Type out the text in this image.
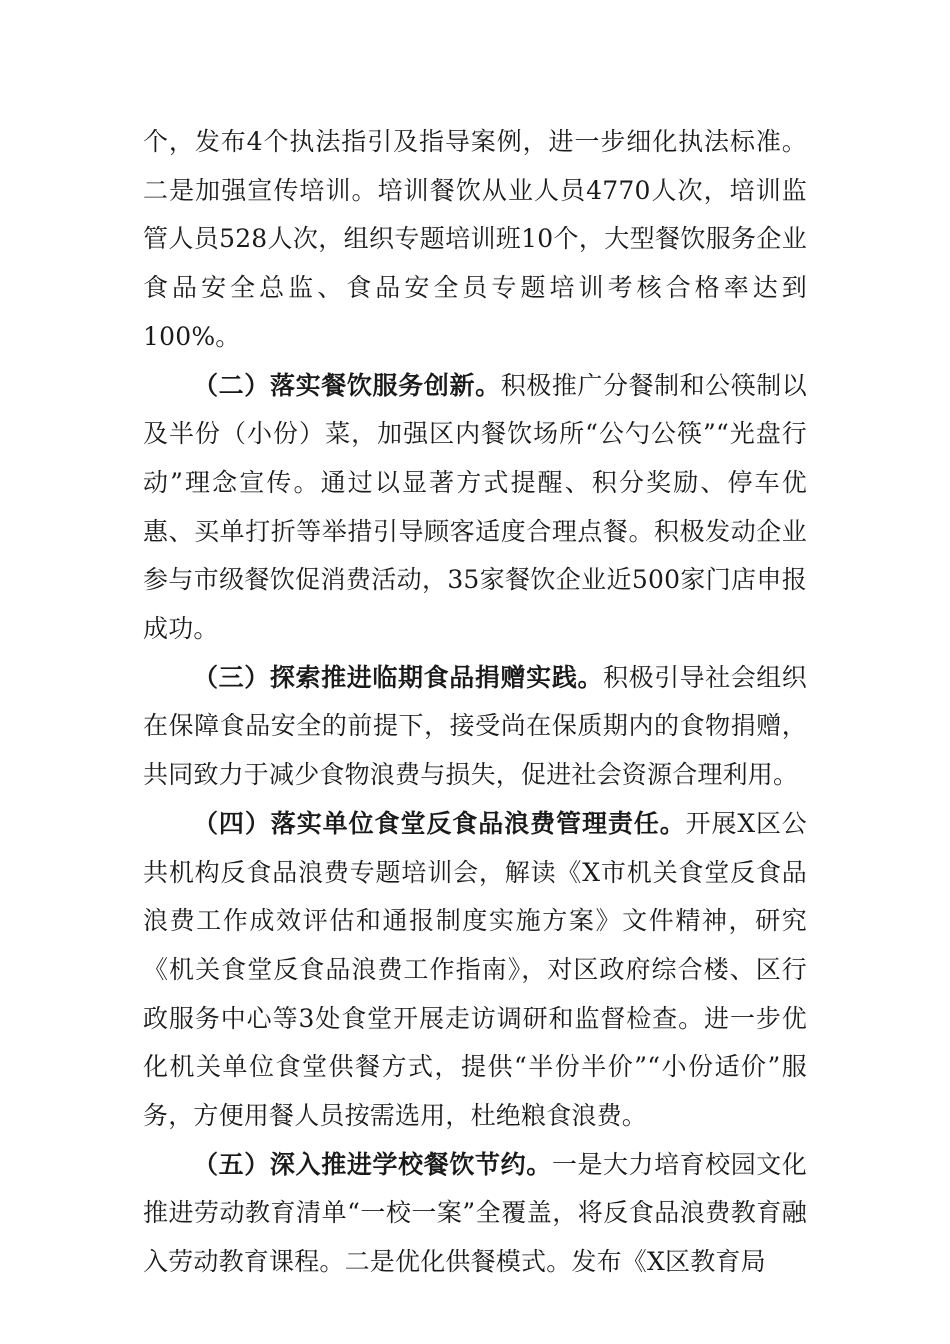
个，发布4个执法指引及指导案例，进一步细化执法标准。二是加强宣传培训。培训餐饮从业人员4770人次，培训监管人员528人次，组织专题培训班10个，大型餐饮服务企业食品安全总监、食品安全员专题培训考核合格率达到100%。

（二）落实餐饮服务创新。积极推广分餐制和公筷制以及半份（小份）菜，加强区内餐饮场所“公勺公筷”“光盘行动”理念宣传。通过以显著方式提醒、积分奖励、停车优惠、买单打折等举措引导顾客适度合理点餐。积极发动企业参与市级餐饮促消费活动，35家餐饮企业近500家门店申报成功。

（三）探索推进临期食品捐赠实践。积极引导社会组织在保障食品安全的前提下，接受尚在保质期内的食物捐赠，共同致力于减少食物浪费与损失，促进社会资源合理利用。

（四）落实单位食堂反食品浪费管理责任。开展X区公共机构反食品浪费专题培训会，解读《X市机关食堂反食品浪费工作成效评估和通报制度实施方案》文件精神，研究《机关食堂反食品浪费工作指南》，对区政府综合楼、区行政服务中心等3处食堂开展走访调研和监督检查。进一步优化机关单位食堂供餐方式，提供“半份半价”“小份适价”服务，方便用餐人员按需选用，杜绝粮食浪费。

（五）深入推进学校餐饮节约。一是大力培育校园文化推进劳动教育清单“一校一案”全覆盖，将反食品浪费教育融入劳动教育课程。二是优化供餐模式。发布《X区教育局
